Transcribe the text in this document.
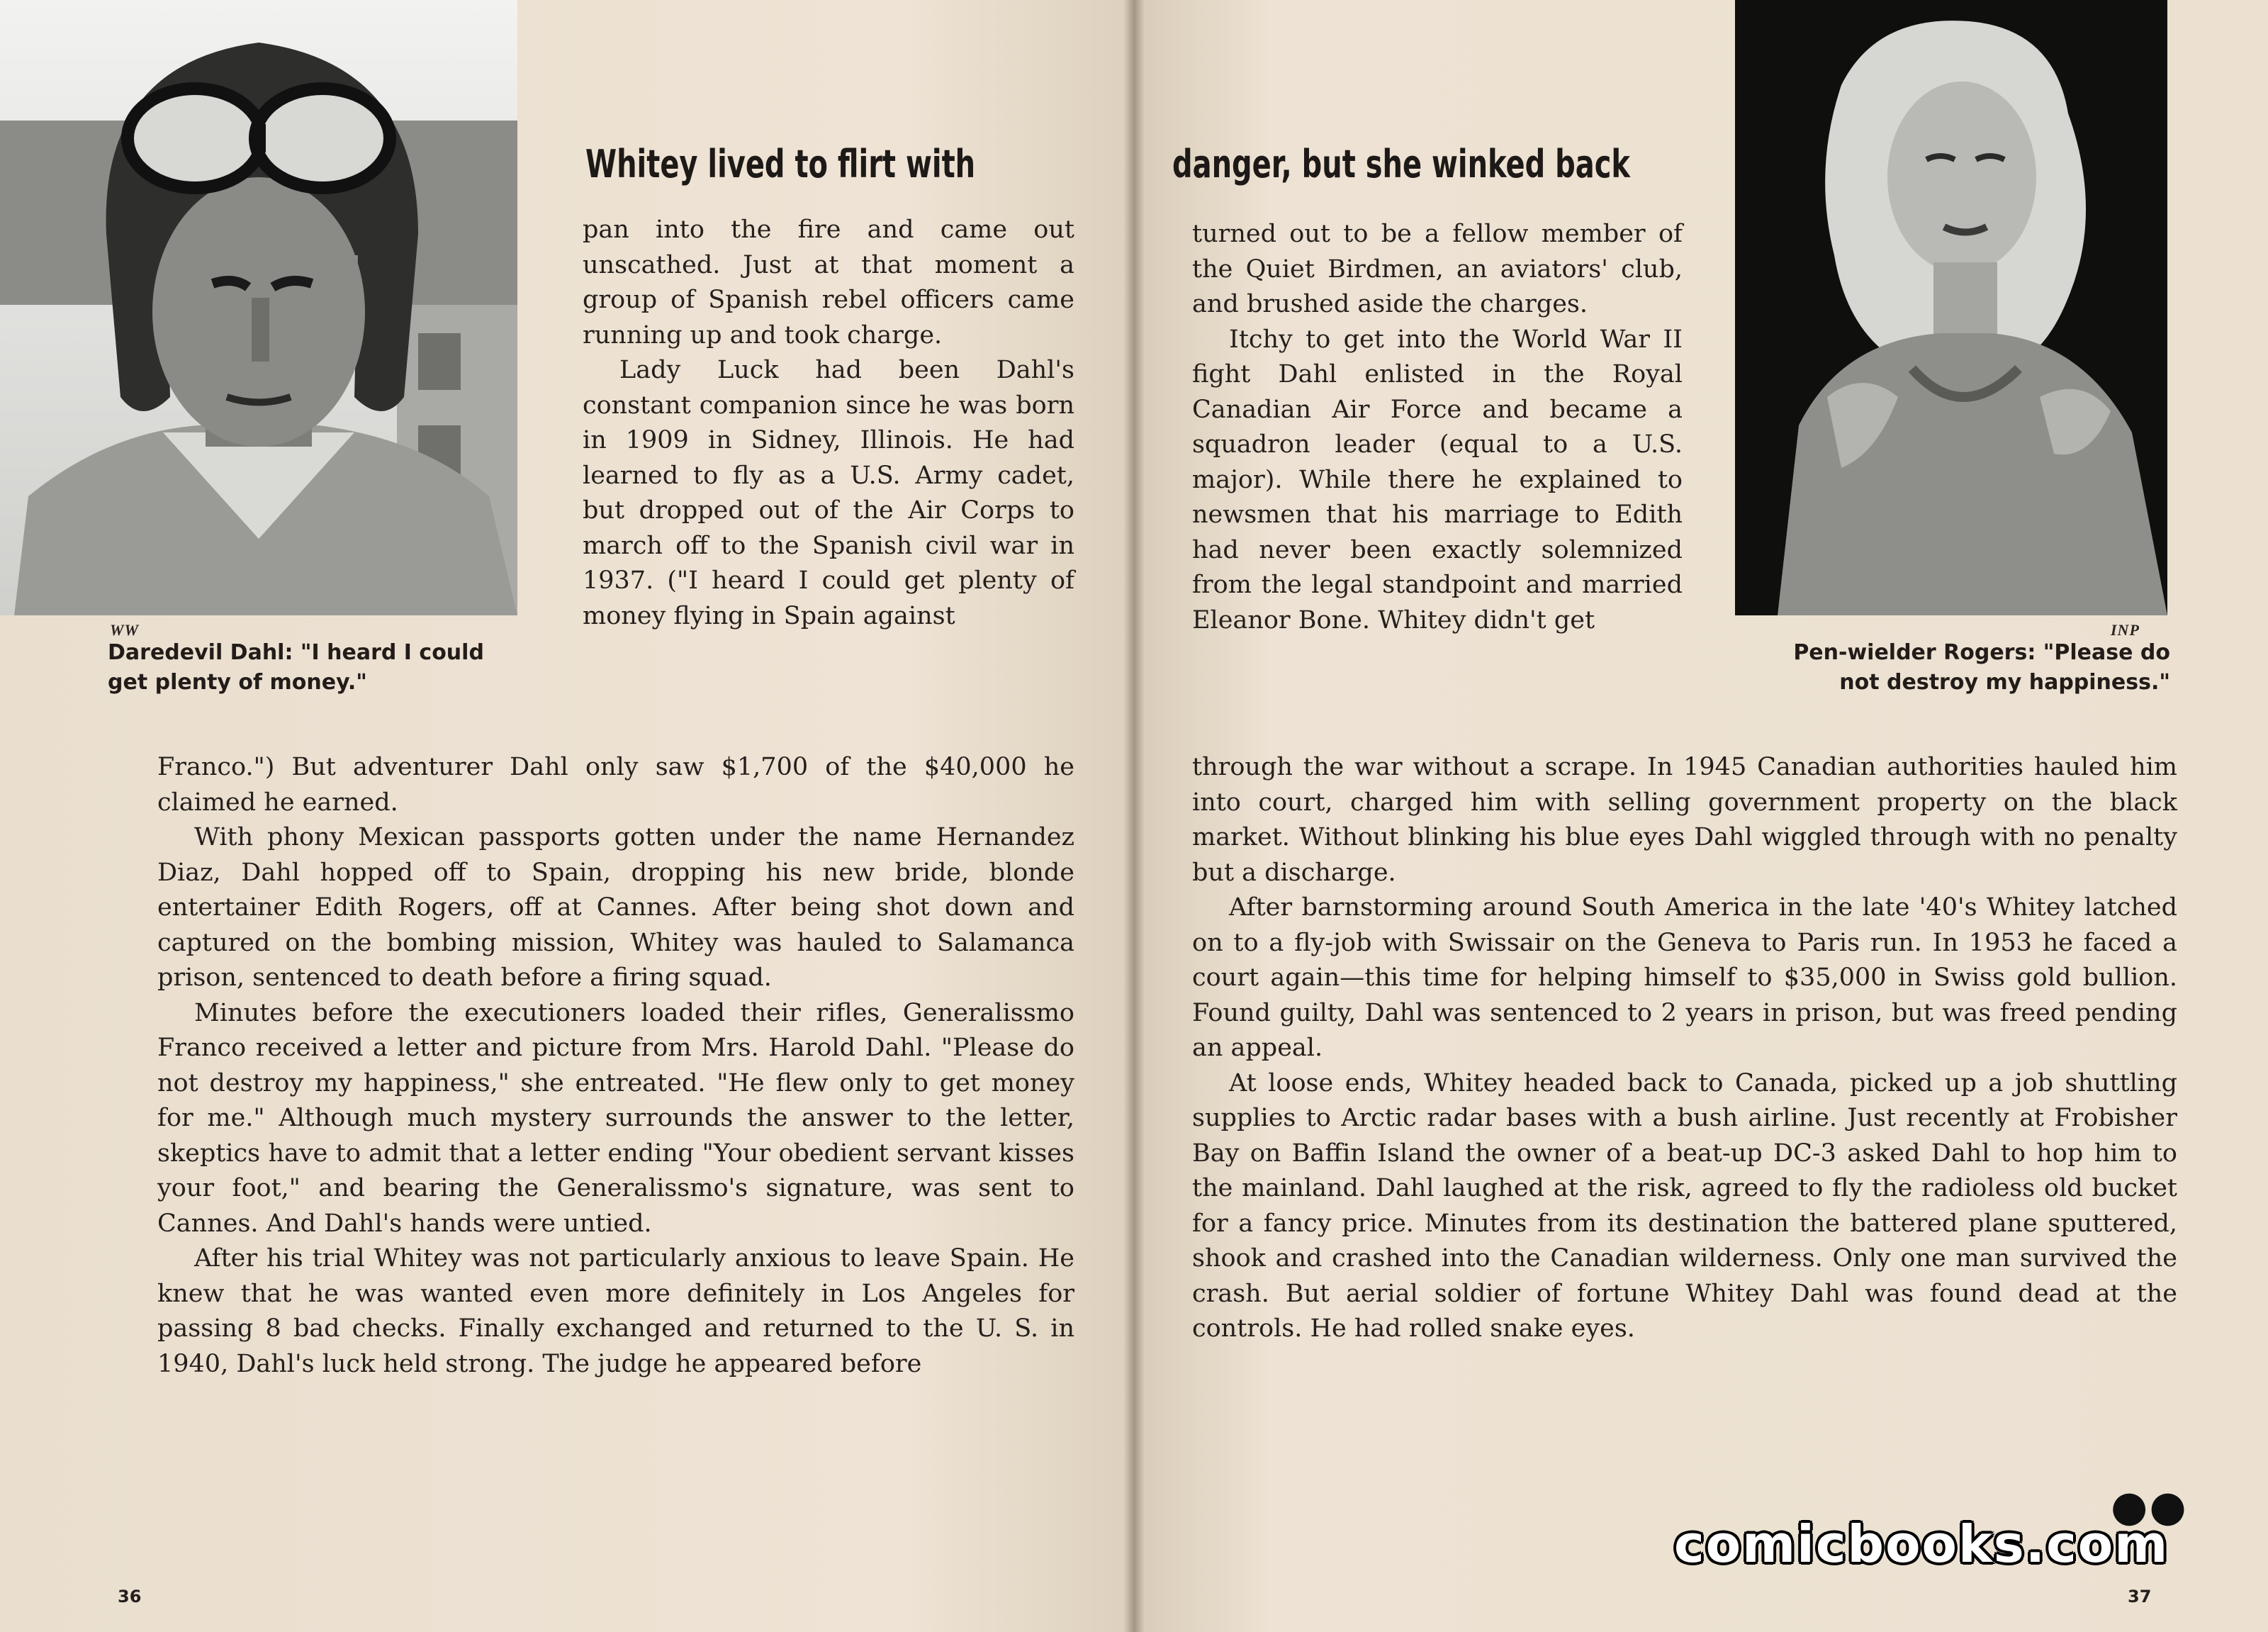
WW
Daredevil Dahl: "I heard I could get plenty of money."
Whitey lived to flirt with

pan into the fire and came out unscathed. Just at that moment a group of Spanish rebel officers came running up and took charge.

Lady Luck had been Dahl's constant companion since he was born in 1909 in Sidney, Illinois. He had learned to fly as a U.S. Army cadet, but dropped out of the Air Corps to march off to the Spanish civil war in 1937. ("I heard I could get plenty of money flying in Spain against

Franco.") But adventurer Dahl only saw $1,700 of the $40,000 he claimed he earned.

With phony Mexican passports gotten under the name Hernandez Diaz, Dahl hopped off to Spain, dropping his new bride, blonde entertainer Edith Rogers, off at Cannes. After being shot down and captured on the bombing mission, Whitey was hauled to Salamanca prison, sentenced to death before a firing squad.

Minutes before the executioners loaded their rifles, Generalissmo Franco received a letter and picture from Mrs. Harold Dahl. "Please do not destroy my happiness," she entreated. "He flew only to get money for me." Although much mystery surrounds the answer to the letter, skeptics have to admit that a letter ending "Your obedient servant kisses your foot," and bearing the Generalissmo's signature, was sent to Cannes. And Dahl's hands were untied.

After his trial Whitey was not particularly anxious to leave Spain. He knew that he was wanted even more definitely in Los Angeles for passing 8 bad checks. Finally exchanged and returned to the U. S. in 1940, Dahl's luck held strong. The judge he appeared before

36
danger, but she winked back

turned out to be a fellow member of the Quiet Birdmen, an aviators' club, and brushed aside the charges.

Itchy to get into the World War II fight Dahl enlisted in the Royal Canadian Air Force and became a squadron leader (equal to a U.S. major). While there he explained to newsmen that his marriage to Edith had never been exactly solemnized from the legal standpoint and married Eleanor Bone. Whitey didn't get	INP
Pen-wielder Rogers: "Please do not destroy my happiness."

through the war without a scrape. In 1945 Canadian authorities hauled him into court, charged him with selling government property on the black market. Without blinking his blue eyes Dahl wiggled through with no penalty but a discharge.

After barnstorming around South America in the late '40's Whitey latched on to a fly-job with Swissair on the Geneva to Paris run. In 1953 he faced a court again—this time for helping himself to $35,000 in Swiss gold bullion. Found guilty, Dahl was sentenced to 2 years in prison, but was freed pending an appeal.

At loose ends, Whitey headed back to Canada, picked up a job shuttling supplies to Arctic radar bases with a bush airline. Just recently at Frobisher Bay on Baffin Island the owner of a beat-up DC-3 asked Dahl to hop him to the mainland. Dahl laughed at the risk, agreed to fly the radioless old bucket for a fancy price. Minutes from its destination the battered plane sputtered, shook and crashed into the Canadian wilderness. Only one man survived the crash. But aerial soldier of fortune Whitey Dahl was found dead at the controls. He had rolled snake eyes.

●●
37
comicbooks.com
